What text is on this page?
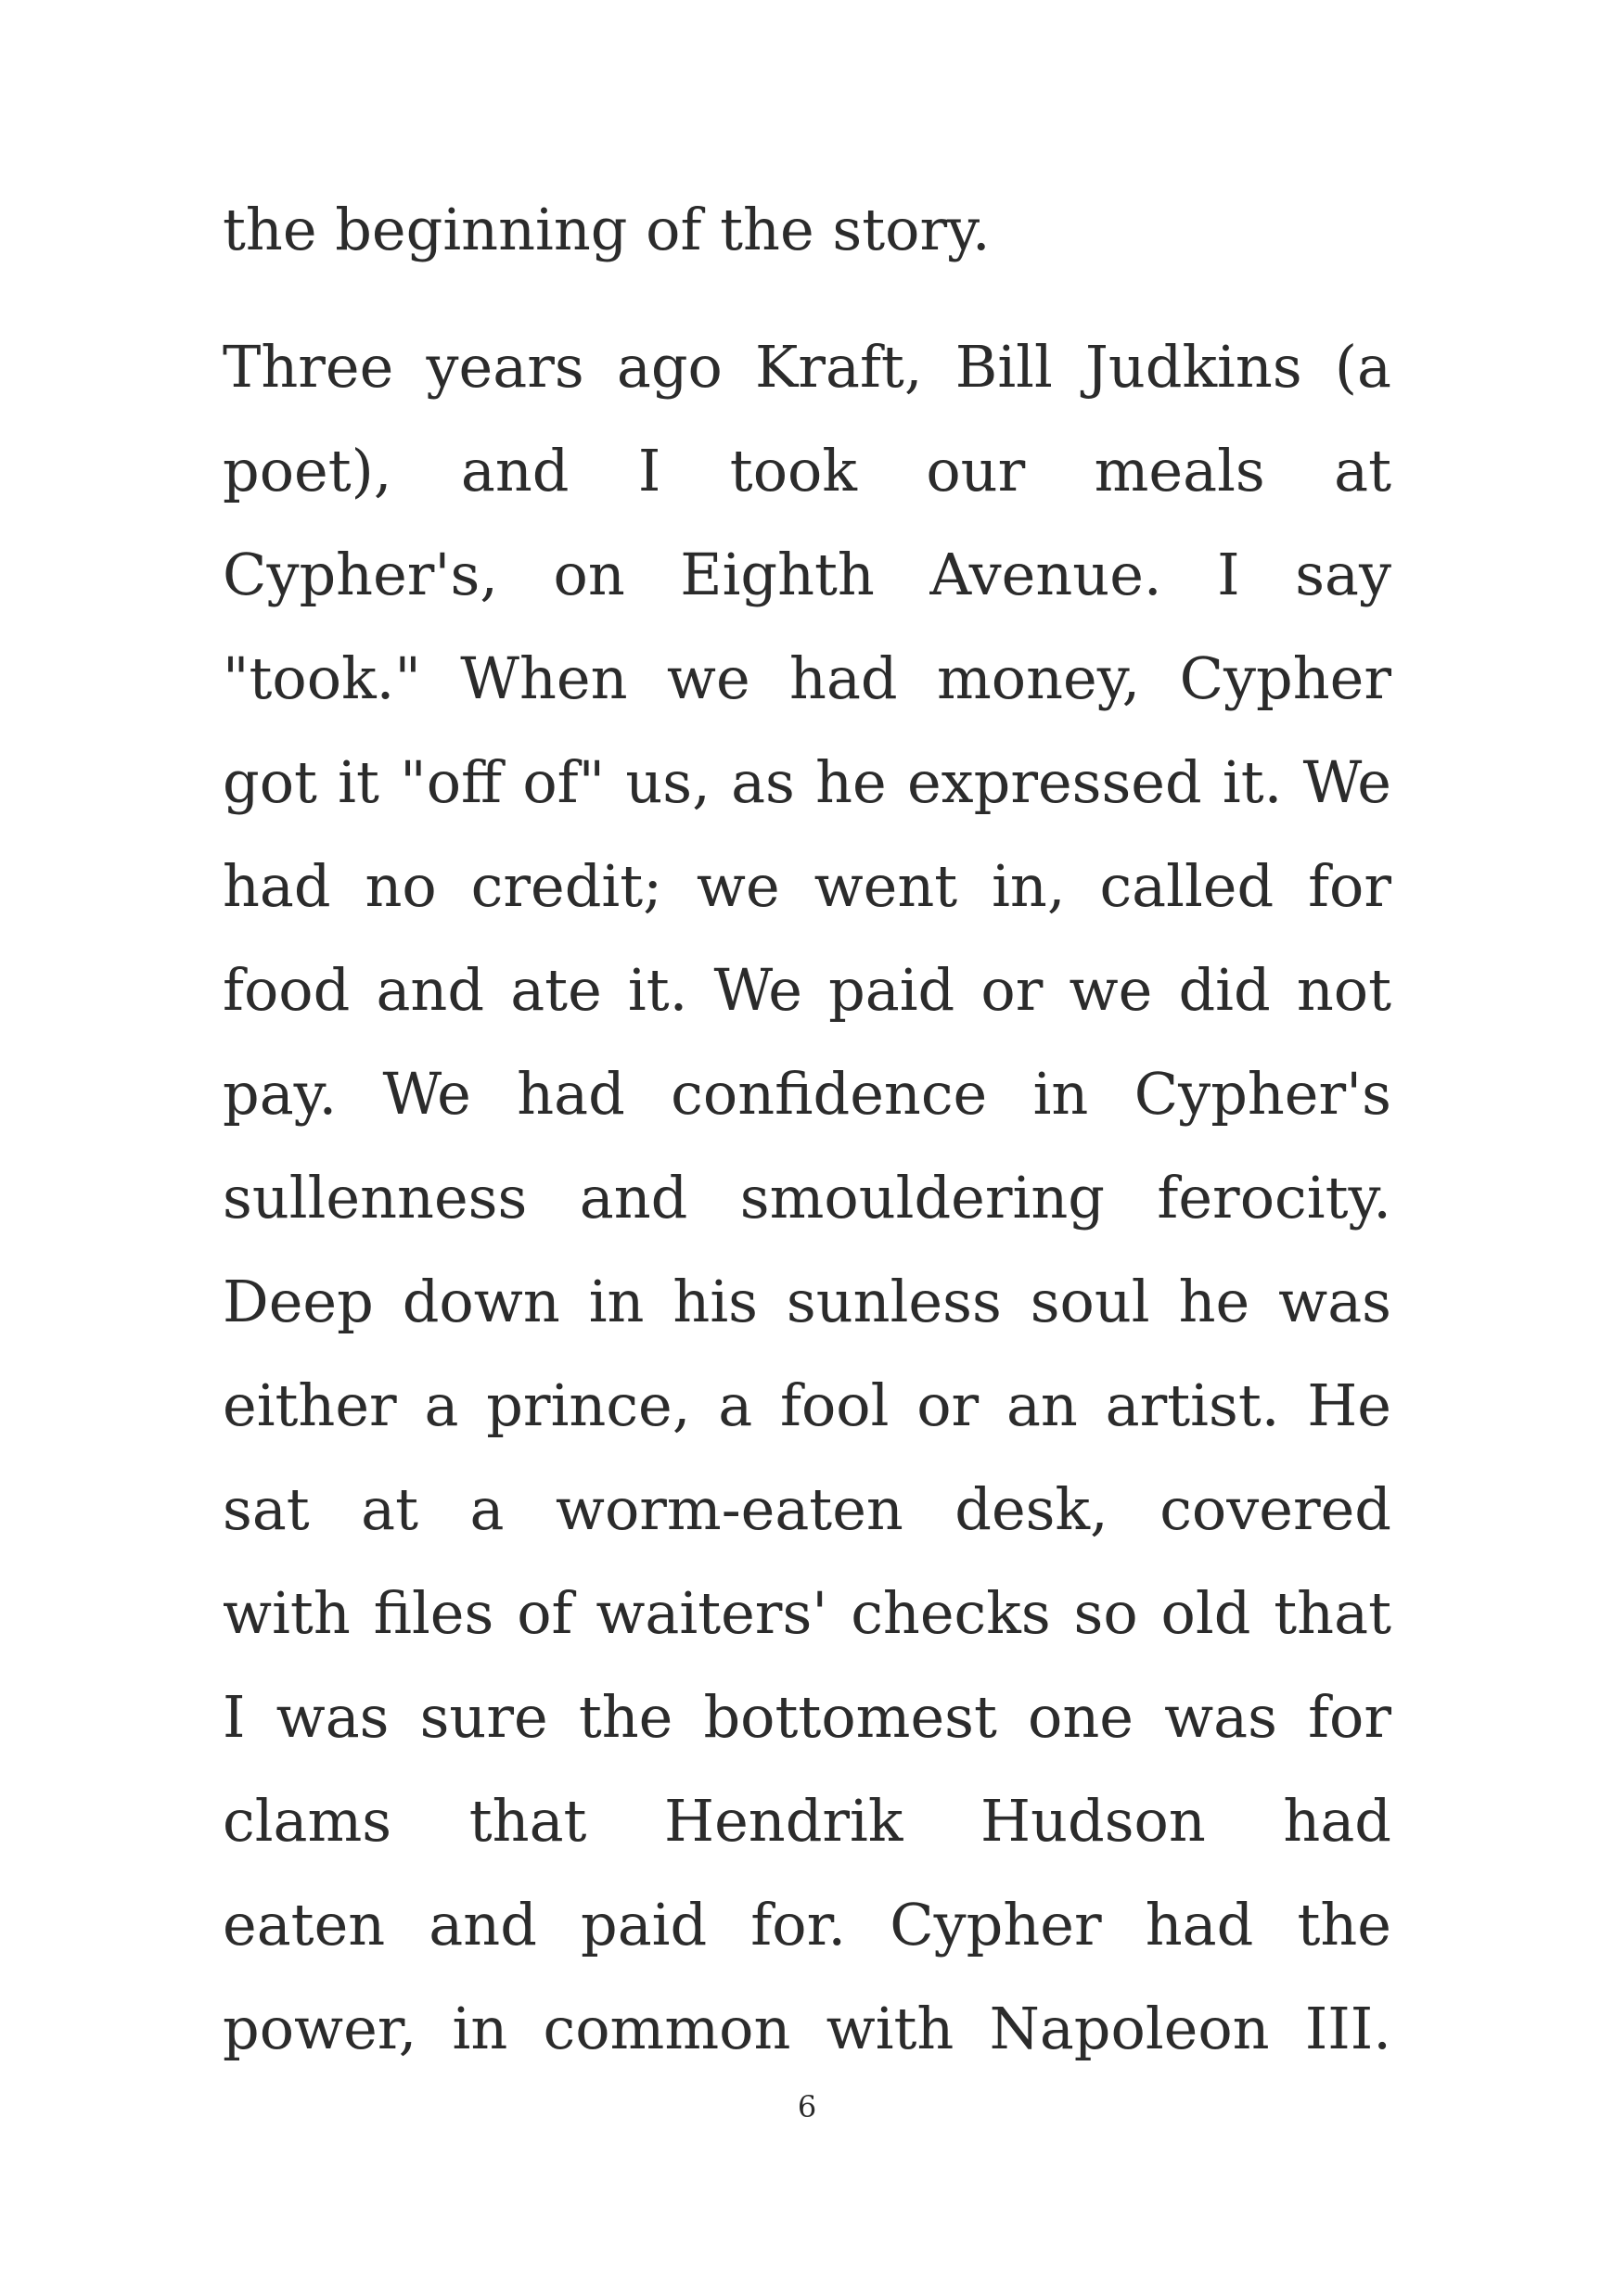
the beginning of the story.
Three years ago Kraft, Bill Judkins (a
poet), and I took our meals at
Cypher's, on Eighth Avenue. I say
"took." When we had money, Cypher
got it "off of" us, as he expressed it. We
had no credit; we went in, called for
food and ate it. We paid or we did not
pay. We had confidence in Cypher's
sullenness and smouldering ferocity.
Deep down in his sunless soul he was
either a prince, a fool or an artist. He
sat at a worm-eaten desk, covered
with files of waiters' checks so old that
I was sure the bottomest one was for
clams that Hendrik Hudson had
eaten and paid for. Cypher had the
power, in common with Napoleon III.
6
